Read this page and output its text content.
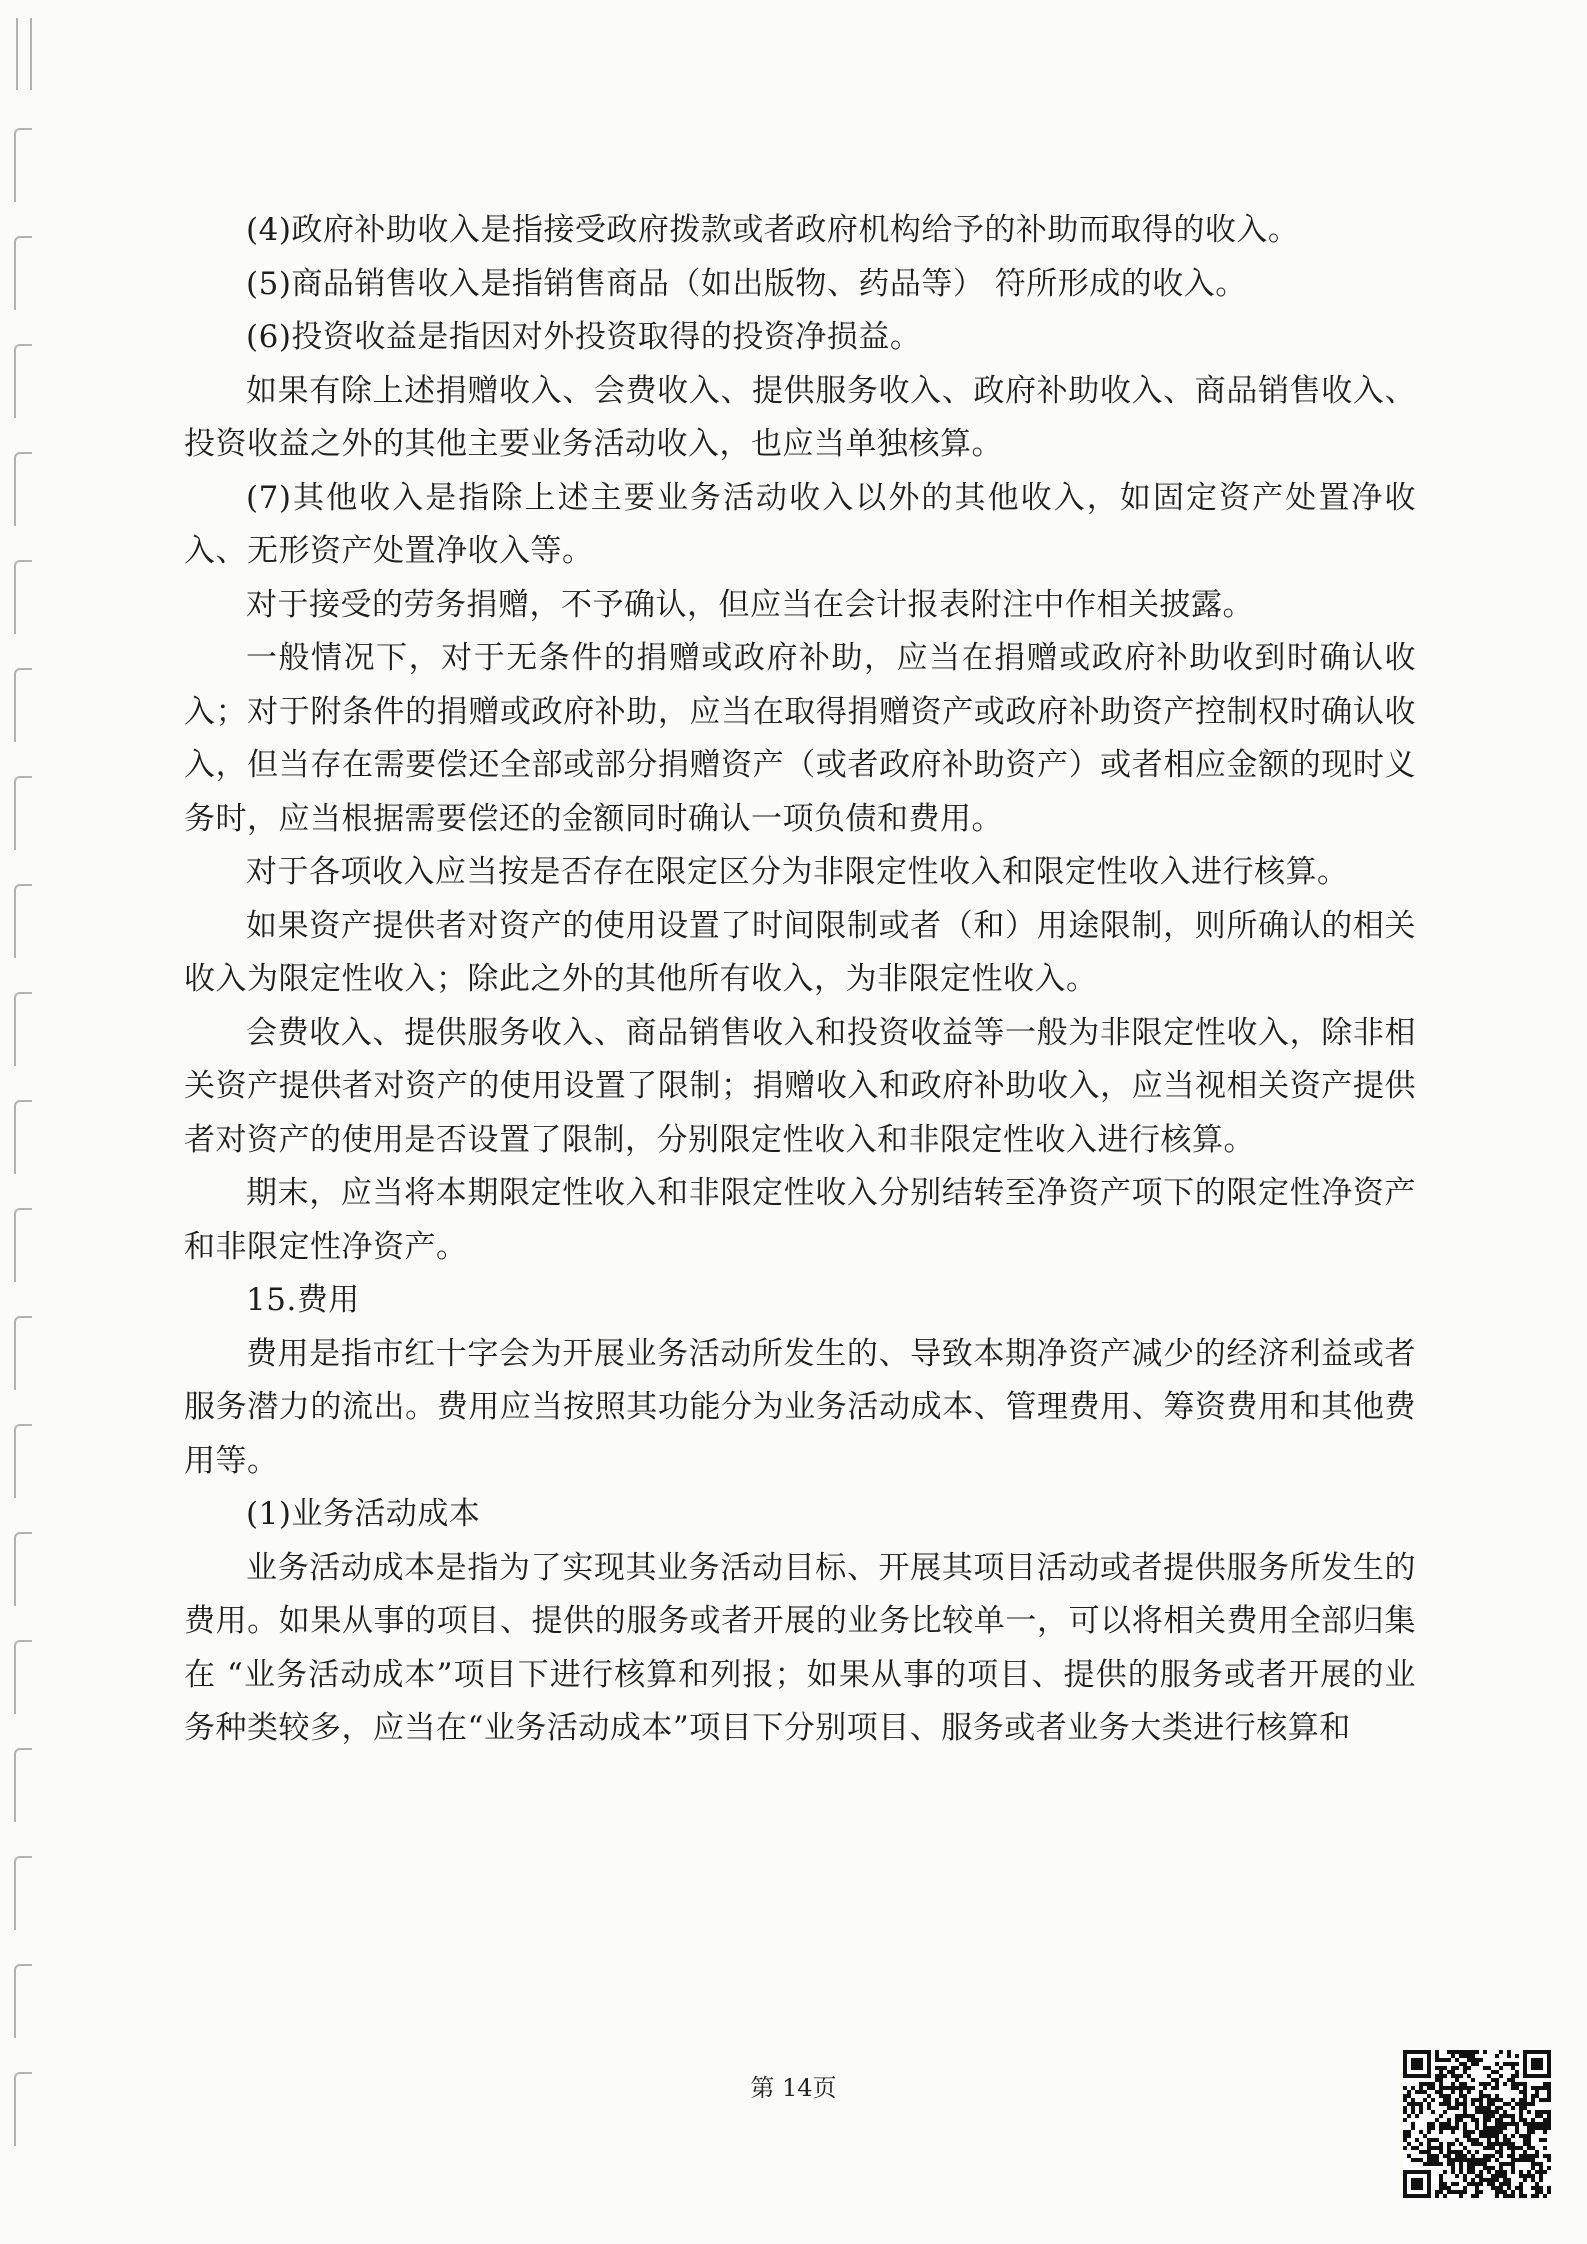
(4)政府补助收入是指接受政府拨款或者政府机构给予的补助而取得的收入。

(5)商品销售收入是指销售商品（如出版物、药品等） 符所形成的收入。

(6)投资收益是指因对外投资取得的投资净损益。

如果有除上述捐赠收入、会费收入、提供服务收入、政府补助收入、商品销售收入、投资收益之外的其他主要业务活动收入，也应当单独核算。

(7)其他收入是指除上述主要业务活动收入以外的其他收入，如固定资产处置净收入、无形资产处置净收入等。

对于接受的劳务捐赠，不予确认，但应当在会计报表附注中作相关披露。

一般情况下，对于无条件的捐赠或政府补助，应当在捐赠或政府补助收到时确认收入；对于附条件的捐赠或政府补助，应当在取得捐赠资产或政府补助资产控制权时确认收入，但当存在需要偿还全部或部分捐赠资产（或者政府补助资产）或者相应金额的现时义务时，应当根据需要偿还的金额同时确认一项负债和费用。

对于各项收入应当按是否存在限定区分为非限定性收入和限定性收入进行核算。

如果资产提供者对资产的使用设置了时间限制或者（和）用途限制，则所确认的相关收入为限定性收入；除此之外的其他所有收入，为非限定性收入。

会费收入、提供服务收入、商品销售收入和投资收益等一般为非限定性收入，除非相关资产提供者对资产的使用设置了限制；捐赠收入和政府补助收入，应当视相关资产提供者对资产的使用是否设置了限制，分别限定性收入和非限定性收入进行核算。

期末，应当将本期限定性收入和非限定性收入分别结转至净资产项下的限定性净资产和非限定性净资产。

15.费用

费用是指市红十字会为开展业务活动所发生的、导致本期净资产减少的经济利益或者服务潜力的流出。费用应当按照其功能分为业务活动成本、管理费用、筹资费用和其他费用等。

(1)业务活动成本

业务活动成本是指为了实现其业务活动目标、开展其项目活动或者提供服务所发生的费用。如果从事的项目、提供的服务或者开展的业务比较单一，可以将相关费用全部归集在 “业务活动成本”项目下进行核算和列报；如果从事的项目、提供的服务或者开展的业务种类较多，应当在“业务活动成本”项目下分别项目、服务或者业务大类进行核算和

第 14页
